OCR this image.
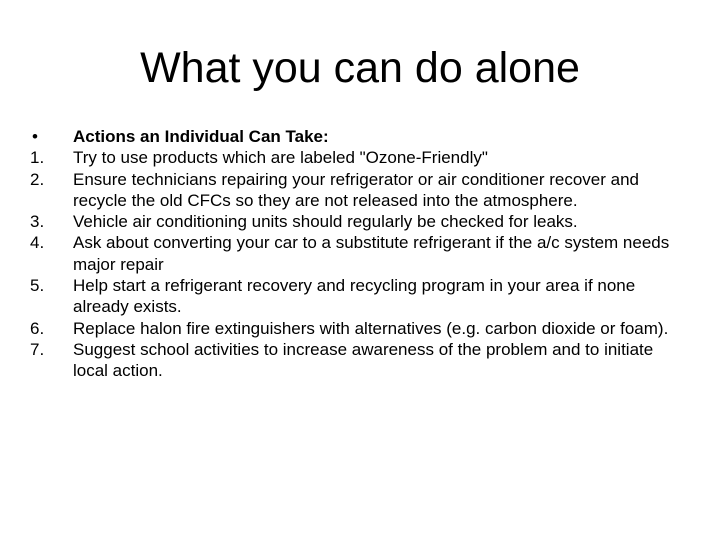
What you can do alone
•	Actions an Individual Can Take:
1.	Try to use products which are labeled "Ozone-Friendly"
2.	Ensure technicians repairing your refrigerator or air conditioner recover and recycle the old CFCs so they are not released into the atmosphere.
3.	Vehicle air conditioning units should regularly be checked for leaks.
4.	Ask about converting your car to a substitute refrigerant if the a/c system needs major repair
5.	Help start a refrigerant recovery and recycling program in your area if none already exists.
6.	Replace halon fire extinguishers with alternatives (e.g. carbon dioxide or foam).
7.	Suggest school activities to increase awareness of the problem and to initiate local action.
